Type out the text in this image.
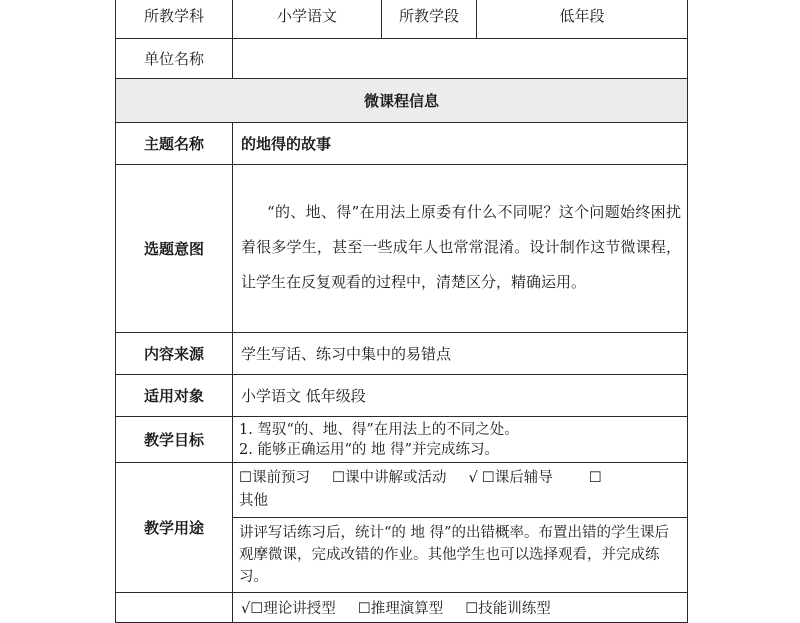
所教学科	小学语文	所教学段	低年段
单位名称			
微课程信息			
主题名称	的地得的故事		
选题意图	“的、地、得”在用法上原委有什么不同呢？这个问题始终困扰着很多学生，甚至一些成年人也常常混淆。设计制作这节微课程，让学生在反复观看的过程中，清楚区分，精确运用。		
内容来源	学生写话、练习中集中的易错点		
适用对象	小学语文 低年级段		
教学目标	1. 驾驭“的、地、得”在用法上的不同之处。
2. 能够正确运用“的 地 得”并完成练习。		

教学用途	☐课前预习 ☐课中讲解或活动 √ ☐课后辅导 ☐
其他
讲评写话练习后，统计“的 地 得”的出错概率。布置出错的学生课后观摩微课，完成改错的作业。其他学生也可以选择观看，并完成练习。		

	√☐理论讲授型 ☐推理演算型 ☐技能训练型		
